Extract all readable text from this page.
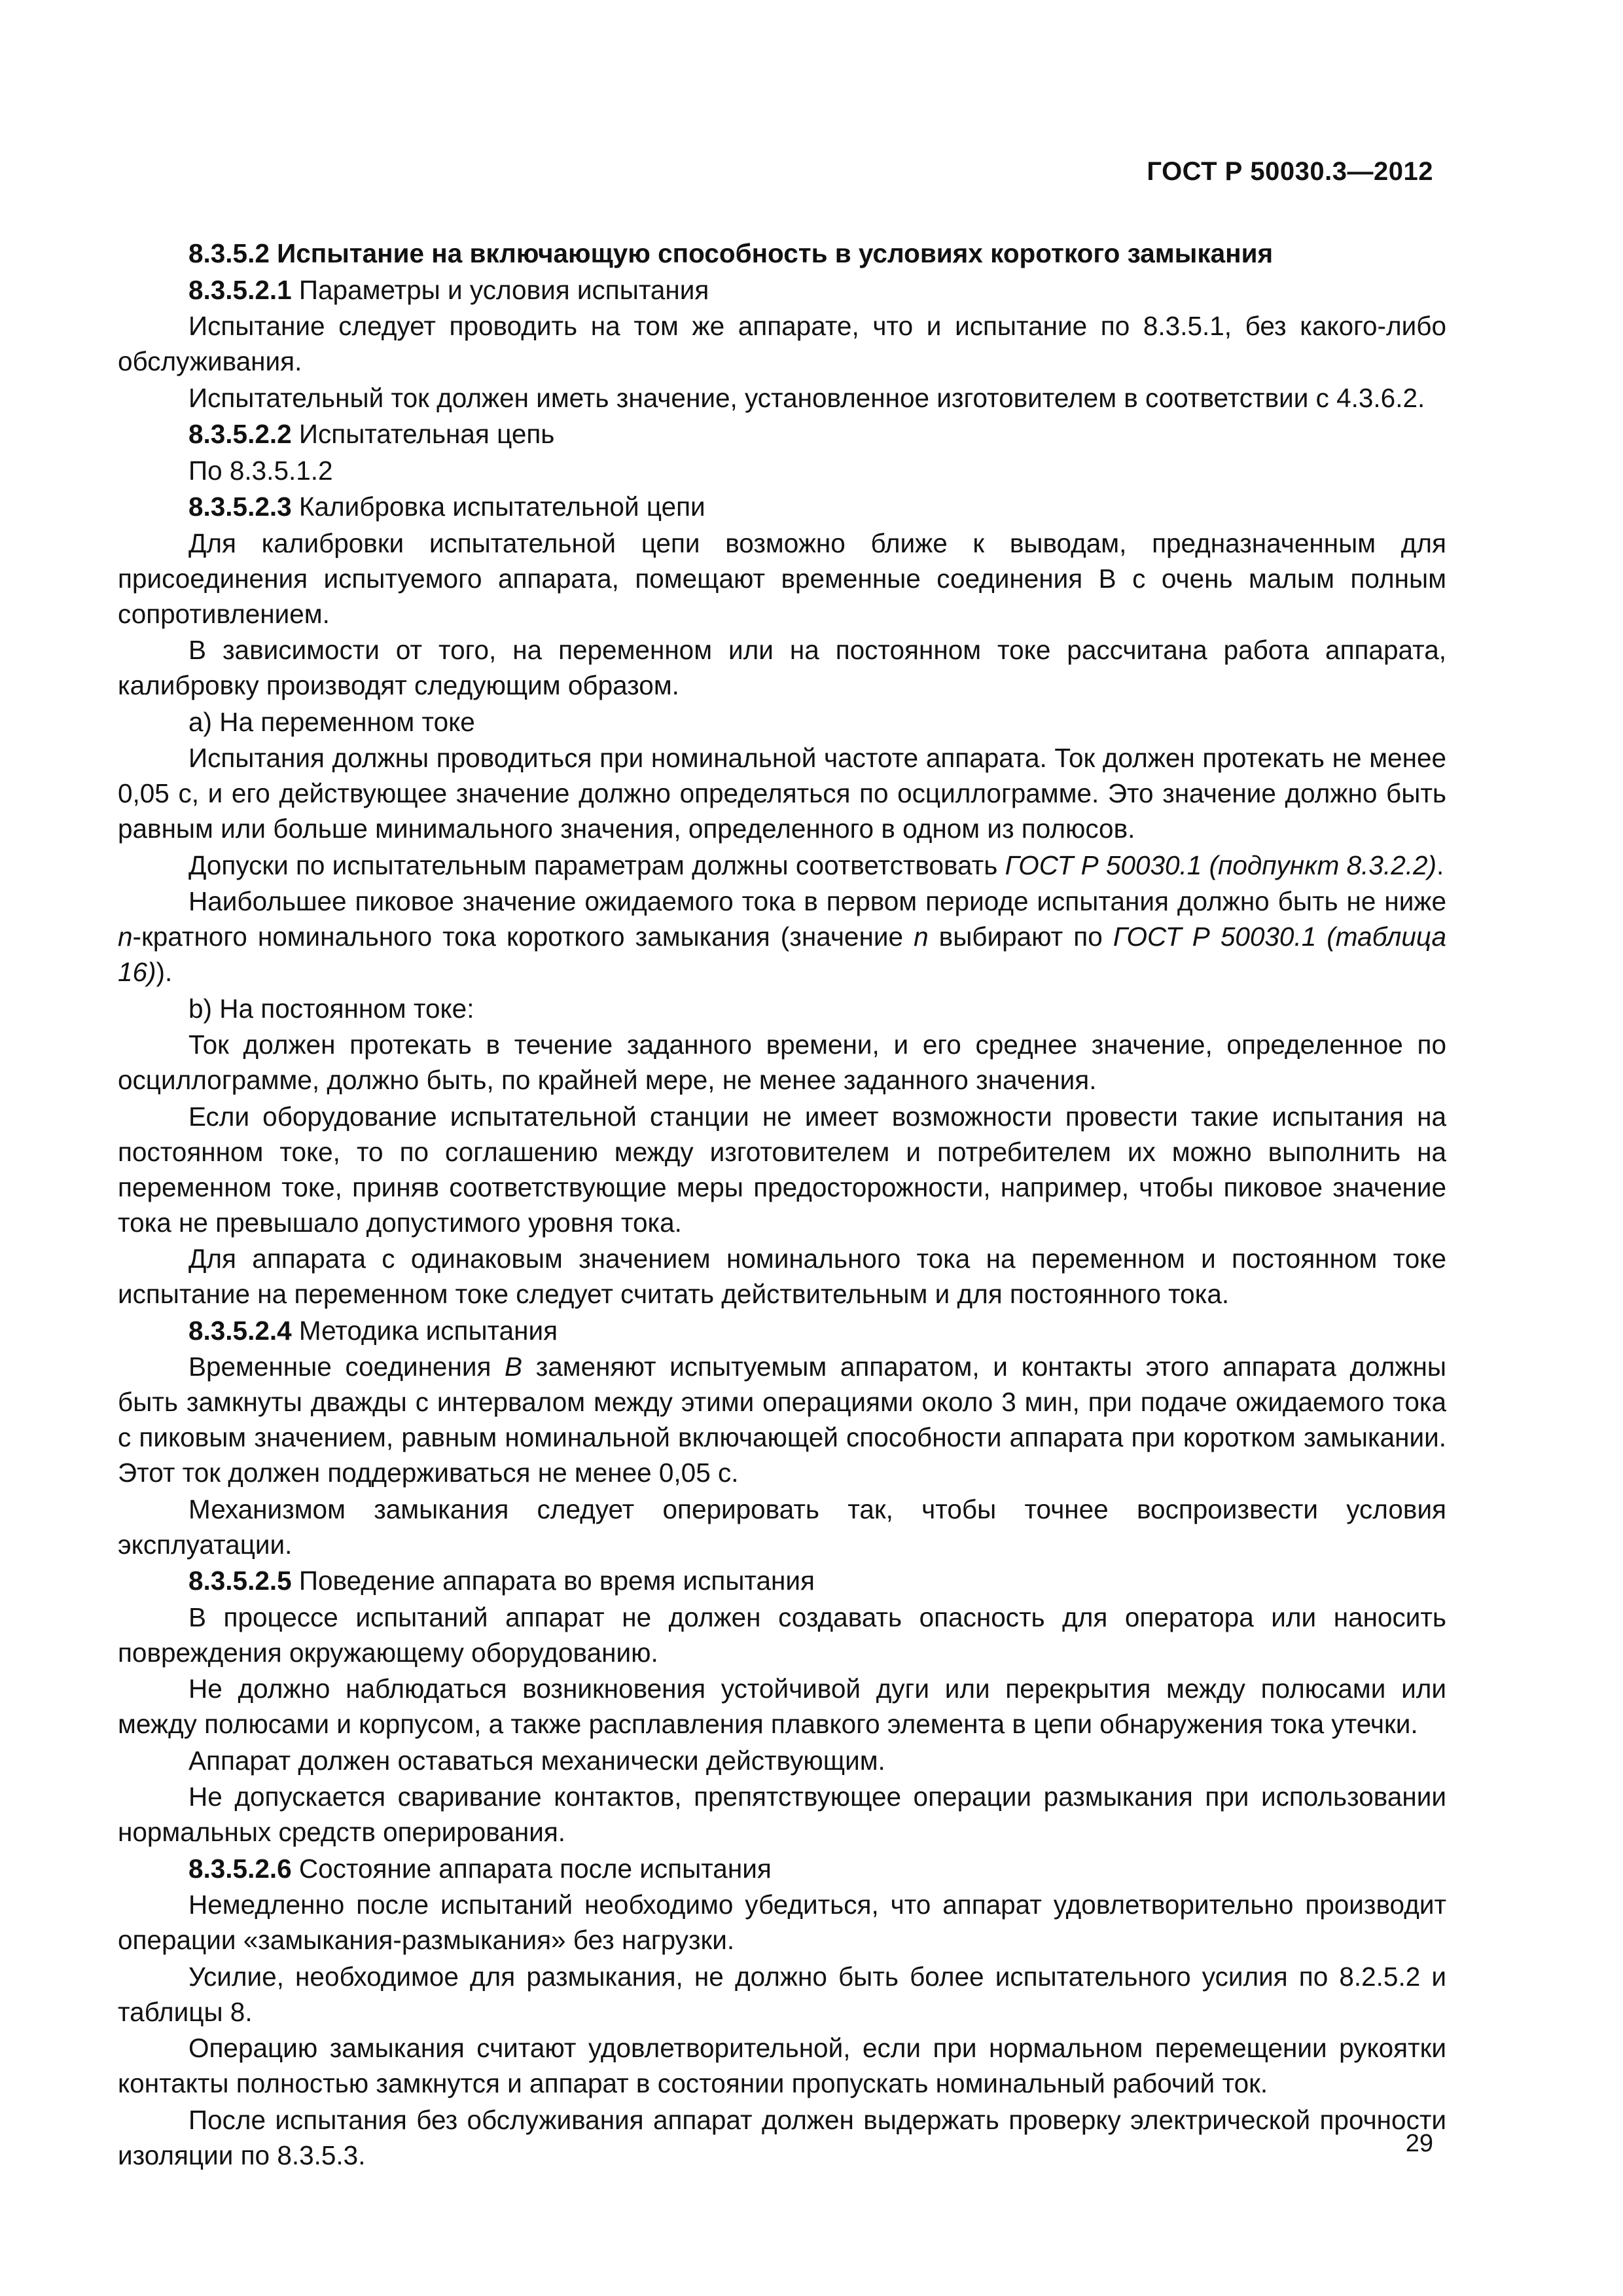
ГОСТ Р 50030.3—2012

8.3.5.2 Испытание на включающую способность в условиях короткого замыкания

8.3.5.2.1 Параметры и условия испытания

Испытание следует проводить на том же аппарате, что и испытание по 8.3.5.1, без какого-либо обслуживания.

Испытательный ток должен иметь значение, установленное изготовителем в соответствии с 4.3.6.2.

8.3.5.2.2 Испытательная цепь

По 8.3.5.1.2

8.3.5.2.3 Калибровка испытательной цепи

Для калибровки испытательной цепи возможно ближе к выводам, предназначенным для присоединения испытуемого аппарата, помещают временные соединения В с очень малым полным сопротивлением.

В зависимости от того, на переменном или на постоянном токе рассчитана работа аппарата, калибровку производят следующим образом.

a) На переменном токе

Испытания должны проводиться при номинальной частоте аппарата. Ток должен протекать не менее 0,05 с, и его действующее значение должно определяться по осциллограмме. Это значение должно быть равным или больше минимального значения, определенного в одном из полюсов.

Допуски по испытательным параметрам должны соответствовать ГОСТ Р 50030.1 (подпункт 8.3.2.2).

Наибольшее пиковое значение ожидаемого тока в первом периоде испытания должно быть не ниже n-кратного номинального тока короткого замыкания (значение n выбирают по ГОСТ Р 50030.1 (таблица 16)).

b) На постоянном токе:

Ток должен протекать в течение заданного времени, и его среднее значение, определенное по осциллограмме, должно быть, по крайней мере, не менее заданного значения.

Если оборудование испытательной станции не имеет возможности провести такие испытания на постоянном токе, то по соглашению между изготовителем и потребителем их можно выполнить на переменном токе, приняв соответствующие меры предосторожности, например, чтобы пиковое значение тока не превышало допустимого уровня тока.

Для аппарата с одинаковым значением номинального тока на переменном и постоянном токе испытание на переменном токе следует считать действительным и для постоянного тока.

8.3.5.2.4 Методика испытания

Временные соединения В заменяют испытуемым аппаратом, и контакты этого аппарата должны быть замкнуты дважды с интервалом между этими операциями около 3 мин, при подаче ожидаемого тока с пиковым значением, равным номинальной включающей способности аппарата при коротком замыкании. Этот ток должен поддерживаться не менее 0,05 с.

Механизмом замыкания следует оперировать так, чтобы точнее воспроизвести условия эксплуатации.

8.3.5.2.5 Поведение аппарата во время испытания

В процессе испытаний аппарат не должен создавать опасность для оператора или наносить повреждения окружающему оборудованию.

Не должно наблюдаться возникновения устойчивой дуги или перекрытия между полюсами или между полюсами и корпусом, а также расплавления плавкого элемента в цепи обнаружения тока утечки.

Аппарат должен оставаться механически действующим.

Не допускается сваривание контактов, препятствующее операции размыкания при использовании нормальных средств оперирования.

8.3.5.2.6 Состояние аппарата после испытания

Немедленно после испытаний необходимо убедиться, что аппарат удовлетворительно производит операции «замыкания-размыкания» без нагрузки.

Усилие, необходимое для размыкания, не должно быть более испытательного усилия по 8.2.5.2 и таблицы 8.

Операцию замыкания считают удовлетворительной, если при нормальном перемещении рукоятки контакты полностью замкнутся и аппарат в состоянии пропускать номинальный рабочий ток.

После испытания без обслуживания аппарат должен выдержать проверку электрической прочности изоляции по 8.3.5.3.	29
